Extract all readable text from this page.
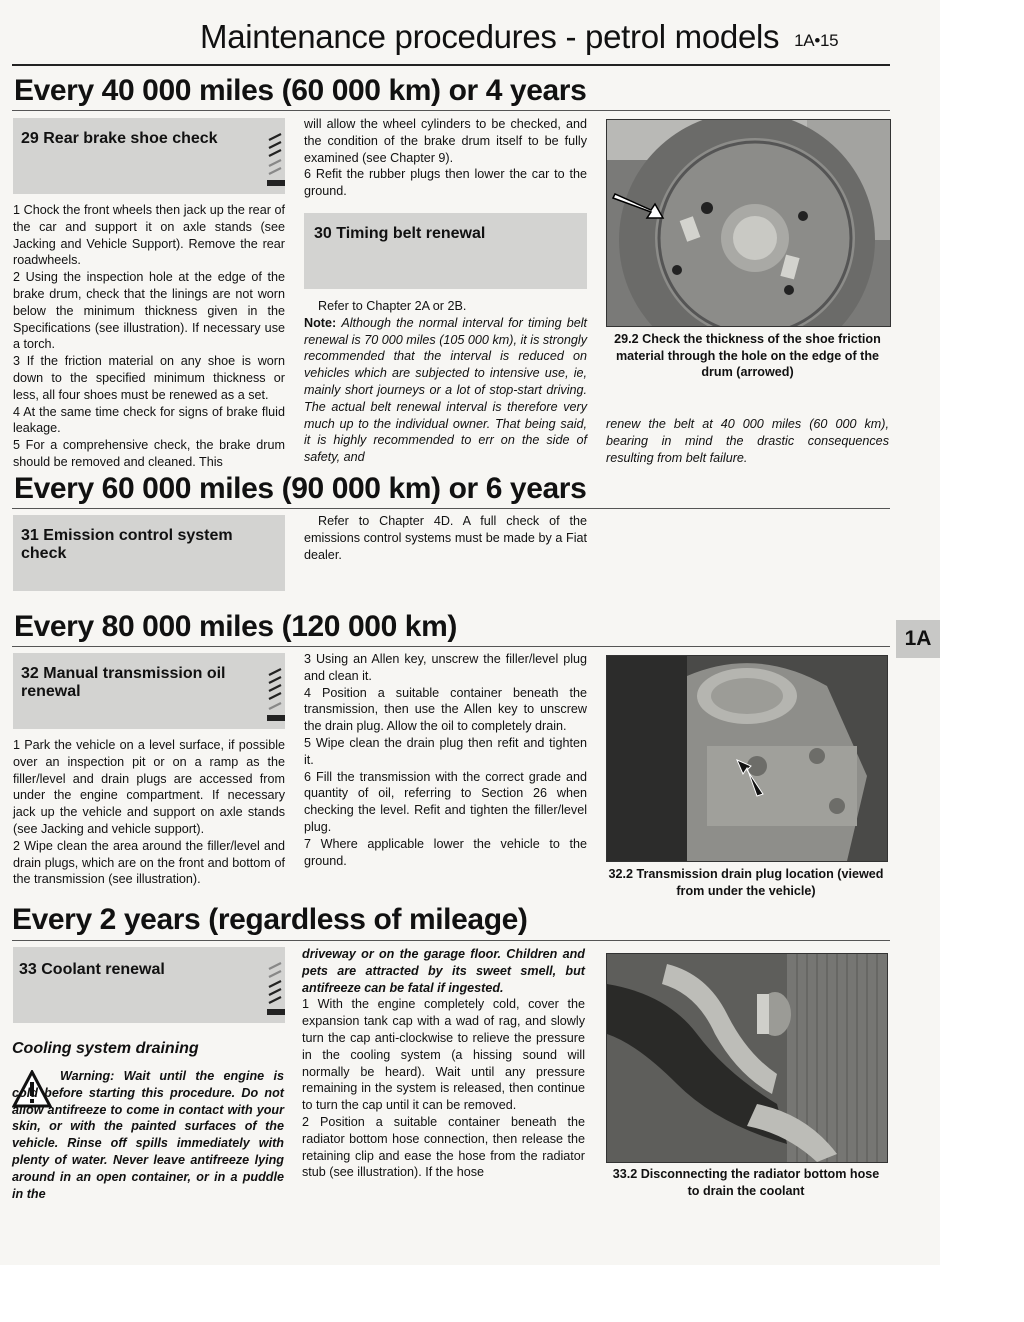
Maintenance procedures - petrol models 1A•15
Every 40 000 miles (60 000 km) or 4 years
29 Rear brake shoe check

1 Chock the front wheels then jack up the rear of the car and support it on axle stands (see Jacking and Vehicle Support). Remove the rear roadwheels.

2 Using the inspection hole at the edge of the brake drum, check that the linings are not worn below the minimum thickness given in the Specifications (see illustration). If necessary use a torch.

3 If the friction material on any shoe is worn down to the specified minimum thickness or less, all four shoes must be renewed as a set.

4 At the same time check for signs of brake fluid leakage.

5 For a comprehensive check, the brake drum should be removed and cleaned. This

will allow the wheel cylinders to be checked, and the condition of the brake drum itself to be fully examined (see Chapter 9).

6 Refit the rubber plugs then lower the car to the ground.

30 Timing belt renewal

Refer to Chapter 2A or 2B.

Note: Although the normal interval for timing belt renewal is 70 000 miles (105 000 km), it is strongly recommended that the interval is reduced on vehicles which are subjected to intensive use, ie, mainly short journeys or a lot of stop-start driving. The actual belt renewal interval is therefore very much up to the individual owner. That being said, it is highly recommended to err on the side of safety, and

29.2 Check the thickness of the shoe friction material through the hole on the edge of the drum (arrowed)
renew the belt at 40 000 miles (60 000 km), bearing in mind the drastic consequences resulting from belt failure.
Every 60 000 miles (90 000 km) or 6 years
31 Emission control system check
Refer to Chapter 4D. A full check of the emissions control systems must be made by a Fiat dealer.
Every 80 000 miles (120 000 km)	1A
32 Manual transmission oil renewal

1 Park the vehicle on a level surface, if possible over an inspection pit or on a ramp as the filler/level and drain plugs are accessed from under the engine compartment. If necessary jack up the vehicle and support on axle stands (see Jacking and vehicle support).

2 Wipe clean the area around the filler/level and drain plugs, which are on the front and bottom of the transmission (see illustration).

3 Using an Allen key, unscrew the filler/level plug and clean it.

4 Position a suitable container beneath the transmission, then use the Allen key to unscrew the drain plug. Allow the oil to completely drain.

5 Wipe clean the drain plug then refit and tighten it.

6 Fill the transmission with the correct grade and quantity of oil, referring to Section 26 when checking the level. Refit and tighten the filler/level plug.

7 Where applicable lower the vehicle to the ground.

32.2 Transmission drain plug location (viewed from under the vehicle)
Every 2 years (regardless of mileage)
33 Coolant renewal
Cooling system draining
Warning: Wait until the engine is cold before starting this procedure. Do not allow antifreeze to come in contact with your skin, or with the painted surfaces of the vehicle. Rinse off spills immediately with plenty of water. Never leave antifreeze lying around in an open container, or in a puddle in the

driveway or on the garage floor. Children and pets are attracted by its sweet smell, but antifreeze can be fatal if ingested.

1 With the engine completely cold, cover the expansion tank cap with a wad of rag, and slowly turn the cap anti-clockwise to relieve the pressure in the cooling system (a hissing sound will normally be heard). Wait until any pressure remaining in the system is released, then continue to turn the cap until it can be removed.

2 Position a suitable container beneath the radiator bottom hose connection, then release the retaining clip and ease the hose from the radiator stub (see illustration). If the hose	33.2 Disconnecting the radiator bottom hose to drain the coolant
